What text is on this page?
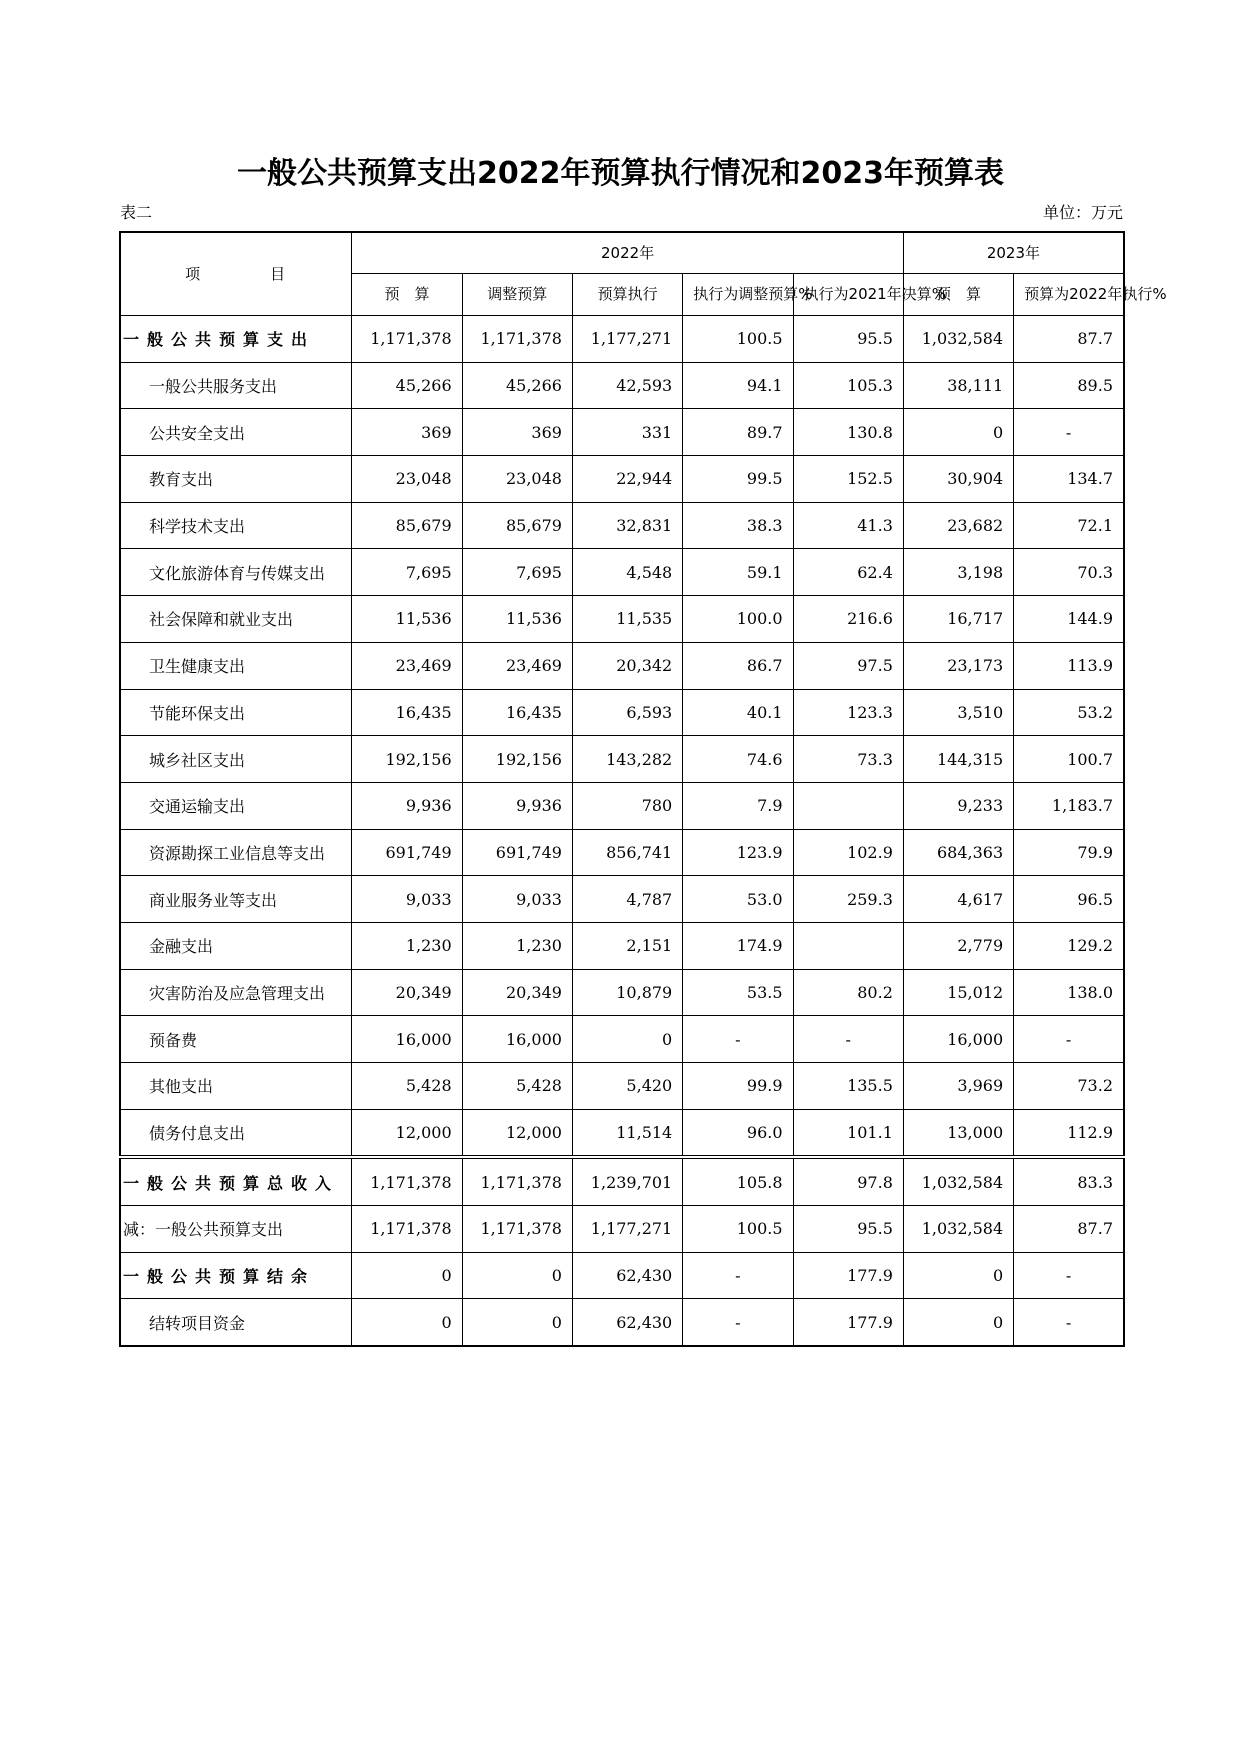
一般公共预算支出2022年预算执行情况和2023年预算表
表二	单位：万元
项　　　　目	2022年					2023年	
	预　算	调整预算	预算执行	执行为调整预算%	执行为2021年决算%	预　算	预算为2022年执行%
一般公共预算支出	1,171,378	1,171,378	1,177,271	100.5	95.5	1,032,584	87.7
一般公共服务支出	45,266	45,266	42,593	94.1	105.3	38,111	89.5
公共安全支出	369	369	331	89.7	130.8	0	-
教育支出	23,048	23,048	22,944	99.5	152.5	30,904	134.7
科学技术支出	85,679	85,679	32,831	38.3	41.3	23,682	72.1
文化旅游体育与传媒支出	7,695	7,695	4,548	59.1	62.4	3,198	70.3
社会保障和就业支出	11,536	11,536	11,535	100.0	216.6	16,717	144.9
卫生健康支出	23,469	23,469	20,342	86.7	97.5	23,173	113.9
节能环保支出	16,435	16,435	6,593	40.1	123.3	3,510	53.2
城乡社区支出	192,156	192,156	143,282	74.6	73.3	144,315	100.7
交通运输支出	9,936	9,936	780	7.9		9,233	1,183.7
资源勘探工业信息等支出	691,749	691,749	856,741	123.9	102.9	684,363	79.9
商业服务业等支出	9,033	9,033	4,787	53.0	259.3	4,617	96.5
金融支出	1,230	1,230	2,151	174.9		2,779	129.2
灾害防治及应急管理支出	20,349	20,349	10,879	53.5	80.2	15,012	138.0
预备费	16,000	16,000	0	-	-	16,000	-
其他支出	5,428	5,428	5,420	99.9	135.5	3,969	73.2
债务付息支出	12,000	12,000	11,514	96.0	101.1	13,000	112.9
一般公共预算总收入	1,171,378	1,171,378	1,239,701	105.8	97.8	1,032,584	83.3
减：一般公共预算支出	1,171,378	1,171,378	1,177,271	100.5	95.5	1,032,584	87.7
一般公共预算结余	0	0	62,430	-	177.9	0	-
结转项目资金	0	0	62,430	-	177.9	0	-
